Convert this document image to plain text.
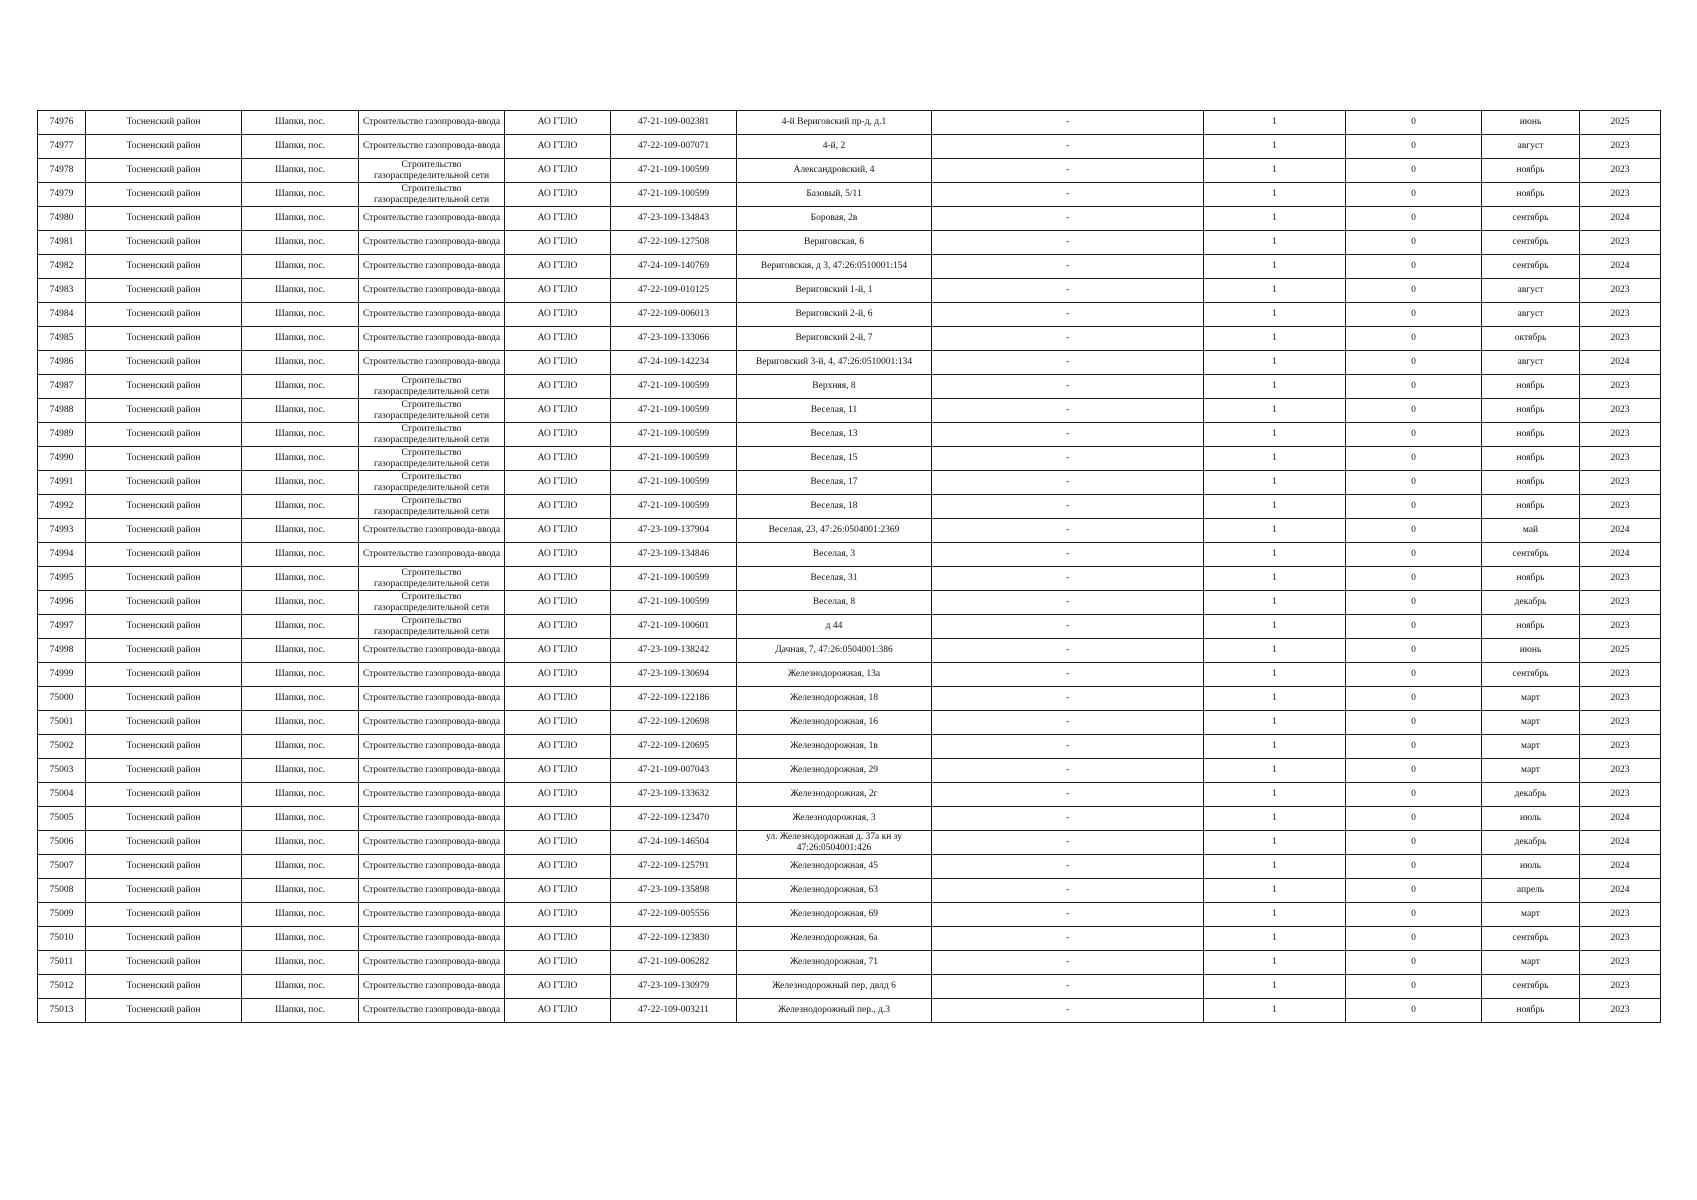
74976	Тосненский район	Шапки, пос.	Строительство газопровода-ввода	АО ГТЛО	47-21-109-002381	4-й Вериговский пр-д, д.1	-	1	0	июнь	2025
74977	Тосненский район	Шапки, пос.	Строительство газопровода-ввода	АО ГТЛО	47-22-109-007071	4-й, 2	-	1	0	август	2023
74978	Тосненский район	Шапки, пос.	Строительство газораспределительной сети	АО ГТЛО	47-21-109-100599	Александровский, 4	-	1	0	ноябрь	2023
74979	Тосненский район	Шапки, пос.	Строительство газораспределительной сети	АО ГТЛО	47-21-109-100599	Базовый, 5/11	-	1	0	ноябрь	2023
74980	Тосненский район	Шапки, пос.	Строительство газопровода-ввода	АО ГТЛО	47-23-109-134843	Боровая, 2в	-	1	0	сентябрь	2024
74981	Тосненский район	Шапки, пос.	Строительство газопровода-ввода	АО ГТЛО	47-22-109-127508	Вериговская, 6	-	1	0	сентябрь	2023
74982	Тосненский район	Шапки, пос.	Строительство газопровода-ввода	АО ГТЛО	47-24-109-140769	Вериговская, д 3, 47:26:0510001:154	-	1	0	сентябрь	2024
74983	Тосненский район	Шапки, пос.	Строительство газопровода-ввода	АО ГТЛО	47-22-109-010125	Вериговский 1-й, 1	-	1	0	август	2023
74984	Тосненский район	Шапки, пос.	Строительство газопровода-ввода	АО ГТЛО	47-22-109-006013	Вериговский 2-й, 6	-	1	0	август	2023
74985	Тосненский район	Шапки, пос.	Строительство газопровода-ввода	АО ГТЛО	47-23-109-133066	Вериговский 2-й, 7	-	1	0	октябрь	2023
74986	Тосненский район	Шапки, пос.	Строительство газопровода-ввода	АО ГТЛО	47-24-109-142234	Вериговский 3-й, 4, 47:26:0510001:134	-	1	0	август	2024
74987	Тосненский район	Шапки, пос.	Строительство газораспределительной сети	АО ГТЛО	47-21-109-100599	Верхняя, 8	-	1	0	ноябрь	2023
74988	Тосненский район	Шапки, пос.	Строительство газораспределительной сети	АО ГТЛО	47-21-109-100599	Веселая, 11	-	1	0	ноябрь	2023
74989	Тосненский район	Шапки, пос.	Строительство газораспределительной сети	АО ГТЛО	47-21-109-100599	Веселая, 13	-	1	0	ноябрь	2023
74990	Тосненский район	Шапки, пос.	Строительство газораспределительной сети	АО ГТЛО	47-21-109-100599	Веселая, 15	-	1	0	ноябрь	2023
74991	Тосненский район	Шапки, пос.	Строительство газораспределительной сети	АО ГТЛО	47-21-109-100599	Веселая, 17	-	1	0	ноябрь	2023
74992	Тосненский район	Шапки, пос.	Строительство газораспределительной сети	АО ГТЛО	47-21-109-100599	Веселая, 18	-	1	0	ноябрь	2023
74993	Тосненский район	Шапки, пос.	Строительство газопровода-ввода	АО ГТЛО	47-23-109-137904	Веселая, 23, 47:26:0504001:2369	-	1	0	май	2024
74994	Тосненский район	Шапки, пос.	Строительство газопровода-ввода	АО ГТЛО	47-23-109-134846	Веселая, 3	-	1	0	сентябрь	2024
74995	Тосненский район	Шапки, пос.	Строительство газораспределительной сети	АО ГТЛО	47-21-109-100599	Веселая, 31	-	1	0	ноябрь	2023
74996	Тосненский район	Шапки, пос.	Строительство газораспределительной сети	АО ГТЛО	47-21-109-100599	Веселая, 8	-	1	0	декабрь	2023
74997	Тосненский район	Шапки, пос.	Строительство газораспределительной сети	АО ГТЛО	47-21-109-100601	д 44	-	1	0	ноябрь	2023
74998	Тосненский район	Шапки, пос.	Строительство газопровода-ввода	АО ГТЛО	47-23-109-138242	Дачная, 7, 47:26:0504001:386	-	1	0	июнь	2025
74999	Тосненский район	Шапки, пос.	Строительство газопровода-ввода	АО ГТЛО	47-23-109-130694	Железнодорожная, 13а	-	1	0	сентябрь	2023
75000	Тосненский район	Шапки, пос.	Строительство газопровода-ввода	АО ГТЛО	47-22-109-122186	Железнодорожная, 18	-	1	0	март	2023
75001	Тосненский район	Шапки, пос.	Строительство газопровода-ввода	АО ГТЛО	47-22-109-120698	Железнодорожная, 16	-	1	0	март	2023
75002	Тосненский район	Шапки, пос.	Строительство газопровода-ввода	АО ГТЛО	47-22-109-120695	Железнодорожная, 1в	-	1	0	март	2023
75003	Тосненский район	Шапки, пос.	Строительство газопровода-ввода	АО ГТЛО	47-21-109-007043	Железнодорожная, 29	-	1	0	март	2023
75004	Тосненский район	Шапки, пос.	Строительство газопровода-ввода	АО ГТЛО	47-23-109-133632	Железнодорожная, 2г	-	1	0	декабрь	2023
75005	Тосненский район	Шапки, пос.	Строительство газопровода-ввода	АО ГТЛО	47-22-109-123470	Железнодорожная, 3	-	1	0	июль	2024
75006	Тосненский район	Шапки, пос.	Строительство газопровода-ввода	АО ГТЛО	47-24-109-146504	ул. Железнодорожная д. 37а кн зу 47:26:0504001:426	-	1	0	декабрь	2024
75007	Тосненский район	Шапки, пос.	Строительство газопровода-ввода	АО ГТЛО	47-22-109-125791	Железнодорожная, 45	-	1	0	июль	2024
75008	Тосненский район	Шапки, пос.	Строительство газопровода-ввода	АО ГТЛО	47-23-109-135898	Железнодорожная, 63	-	1	0	апрель	2024
75009	Тосненский район	Шапки, пос.	Строительство газопровода-ввода	АО ГТЛО	47-22-109-005556	Железнодорожная, 69	-	1	0	март	2023
75010	Тосненский район	Шапки, пос.	Строительство газопровода-ввода	АО ГТЛО	47-22-109-123830	Железнодорожная, 6а	-	1	0	сентябрь	2023
75011	Тосненский район	Шапки, пос.	Строительство газопровода-ввода	АО ГТЛО	47-21-109-006282	Железнодорожная, 71	-	1	0	март	2023
75012	Тосненский район	Шапки, пос.	Строительство газопровода-ввода	АО ГТЛО	47-23-109-130979	Железнодорожный пер, двлд 6	-	1	0	сентябрь	2023
75013	Тосненский район	Шапки, пос.	Строительство газопровода-ввода	АО ГТЛО	47-22-109-003211	Железнодорожный пер., д.3	-	1	0	ноябрь	2023
